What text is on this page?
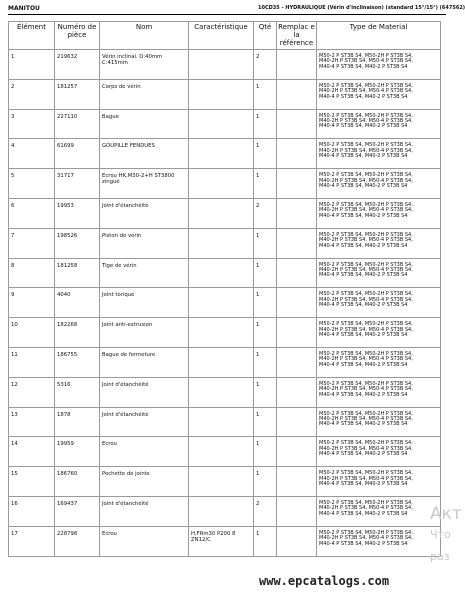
MANITOU	10CD35 - HYDRAULIQUE (Vérin d'inclinaison) (standard 15°/15°) (647562)
Élément	Numéro de pièce	Nom	Caractéristique	Qté	Remplac e la référence	Type de Material
1	219632	Vérin inclinai. D:40mm C:415mm		2		M50-2 P ST3B S4, M50-2H P ST3B S4,
M40-2H P ST3B S4, M50-4 P ST3B S4,
M40-4 P ST3B S4, M40-2 P ST3B S4
2	181257	Corps de vérin		1		M50-2 P ST3B S4, M50-2H P ST3B S4,
M40-2H P ST3B S4, M50-4 P ST3B S4,
M40-4 P ST3B S4, M40-2 P ST3B S4
3	227110	Bague		1		M50-2 P ST3B S4, M50-2H P ST3B S4,
M40-2H P ST3B S4, M50-4 P ST3B S4,
M40-4 P ST3B S4, M40-2 P ST3B S4
4	61699	GOUPILLE FENDUES		1		M50-2 P ST3B S4, M50-2H P ST3B S4,
M40-2H P ST3B S4, M50-4 P ST3B S4,
M40-4 P ST3B S4, M40-2 P ST3B S4
5	31717	Ecrou HK,M30-2+H ST3800 zingué		1		M50-2 P ST3B S4, M50-2H P ST3B S4,
M40-2H P ST3B S4, M50-4 P ST3B S4,
M40-4 P ST3B S4, M40-2 P ST3B S4
6	19953	Joint d'étanchéité		2		M50-2 P ST3B S4, M50-2H P ST3B S4,
M40-2H P ST3B S4, M50-4 P ST3B S4,
M40-4 P ST3B S4, M40-2 P ST3B S4
7	198526	Piston de vérin		1		M50-2 P ST3B S4, M50-2H P ST3B S4,
M40-2H P ST3B S4, M50-4 P ST3B S4,
M40-4 P ST3B S4, M40-2 P ST3B S4
8	181258	Tige de vérin		1		M50-2 P ST3B S4, M50-2H P ST3B S4,
M40-2H P ST3B S4, M50-4 P ST3B S4,
M40-4 P ST3B S4, M40-2 P ST3B S4
9	4040	Joint torique		1		M50-2 P ST3B S4, M50-2H P ST3B S4,
M40-2H P ST3B S4, M50-4 P ST3B S4,
M40-4 P ST3B S4, M40-2 P ST3B S4
10	182268	Joint anti-extrusion		1		M50-2 P ST3B S4, M50-2H P ST3B S4,
M40-2H P ST3B S4, M50-4 P ST3B S4,
M40-4 P ST3B S4, M40-2 P ST3B S4
11	186755	Bague de fermeture		1		M50-2 P ST3B S4, M50-2H P ST3B S4,
M40-2H P ST3B S4, M50-4 P ST3B S4,
M40-4 P ST3B S4, M40-2 P ST3B S4
12	5316	Joint d'étanchéité		1		M50-2 P ST3B S4, M50-2H P ST3B S4,
M40-2H P ST3B S4, M50-4 P ST3B S4,
M40-4 P ST3B S4, M40-2 P ST3B S4
13	1878	Joint d'étanchéité		1		M50-2 P ST3B S4, M50-2H P ST3B S4,
M40-2H P ST3B S4, M50-4 P ST3B S4,
M40-4 P ST3B S4, M40-2 P ST3B S4
14	19959	Ecrou		1		M50-2 P ST3B S4, M50-2H P ST3B S4,
M40-2H P ST3B S4, M50-4 P ST3B S4,
M40-4 P ST3B S4, M40-2 P ST3B S4
15	186760	Pochette de joints		1		M50-2 P ST3B S4, M50-2H P ST3B S4,
M40-2H P ST3B S4, M50-4 P ST3B S4,
M40-4 P ST3B S4, M40-2 P ST3B S4
16	169437	Joint d'étanchéité		2		M50-2 P ST3B S4, M50-2H P ST3B S4,
M40-2H P ST3B S4, M50-4 P ST3B S4,
M40-4 P ST3B S4, M40-2 P ST3B S4
17	228798	Ecrou	H,FRm30 P200 8 ZN12/C	1		M50-2 P ST3B S4, M50-2H P ST3B S4,
M40-2H P ST3B S4, M50-4 P ST3B S4,
M40-4 P ST3B S4, M40-2 P ST3B S4
Акт
Что
раз
www.epcatalogs.com
